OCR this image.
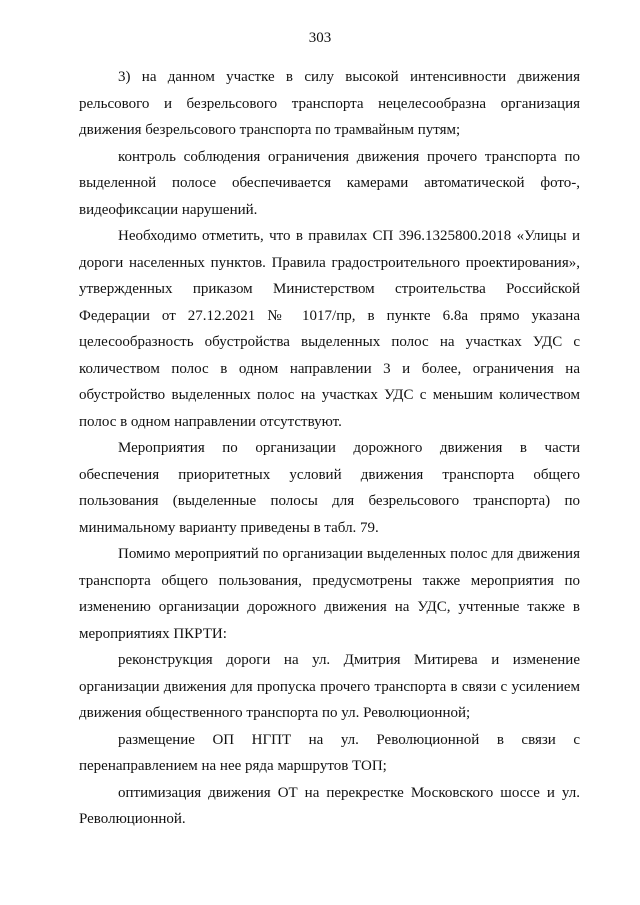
303

3) на данном участке в силу высокой интенсивности движения рельсового и безрельсового транспорта нецелесообразна организация движения безрельсового транспорта по трамвайным путям;

контроль соблюдения ограничения движения прочего транспорта по выделенной полосе обеспечивается камерами автоматической фото-, видеофиксации нарушений.

Необходимо отметить, что в правилах СП 396.1325800.2018 «Улицы и дороги населенных пунктов. Правила градостроительного проектирования», утвержденных приказом Министерством строительства Российской Федерации от 27.12.2021 № 1017/пр, в пункте 6.8а прямо указана целесообразность обустройства выделенных полос на участках УДС с количеством полос в одном направлении 3 и более, ограничения на обустройство выделенных полос на участках УДС с меньшим количеством полос в одном направлении отсутствуют.

Мероприятия по организации дорожного движения в части обеспечения приоритетных условий движения транспорта общего пользования (выделенные полосы для безрельсового транспорта) по минимальному варианту приведены в табл. 79.

Помимо мероприятий по организации выделенных полос для движения транспорта общего пользования, предусмотрены также мероприятия по изменению организации дорожного движения на УДС, учтенные также в мероприятиях ПКРТИ:

реконструкция дороги на ул. Дмитрия Митирева и изменение организации движения для пропуска прочего транспорта в связи с усилением движения общественного транспорта по ул. Революционной;

размещение ОП НГПТ на ул. Революционной в связи с перенаправлением на нее ряда маршрутов ТОП;

оптимизация движения ОТ на перекрестке Московского шоссе и ул. Революционной.
